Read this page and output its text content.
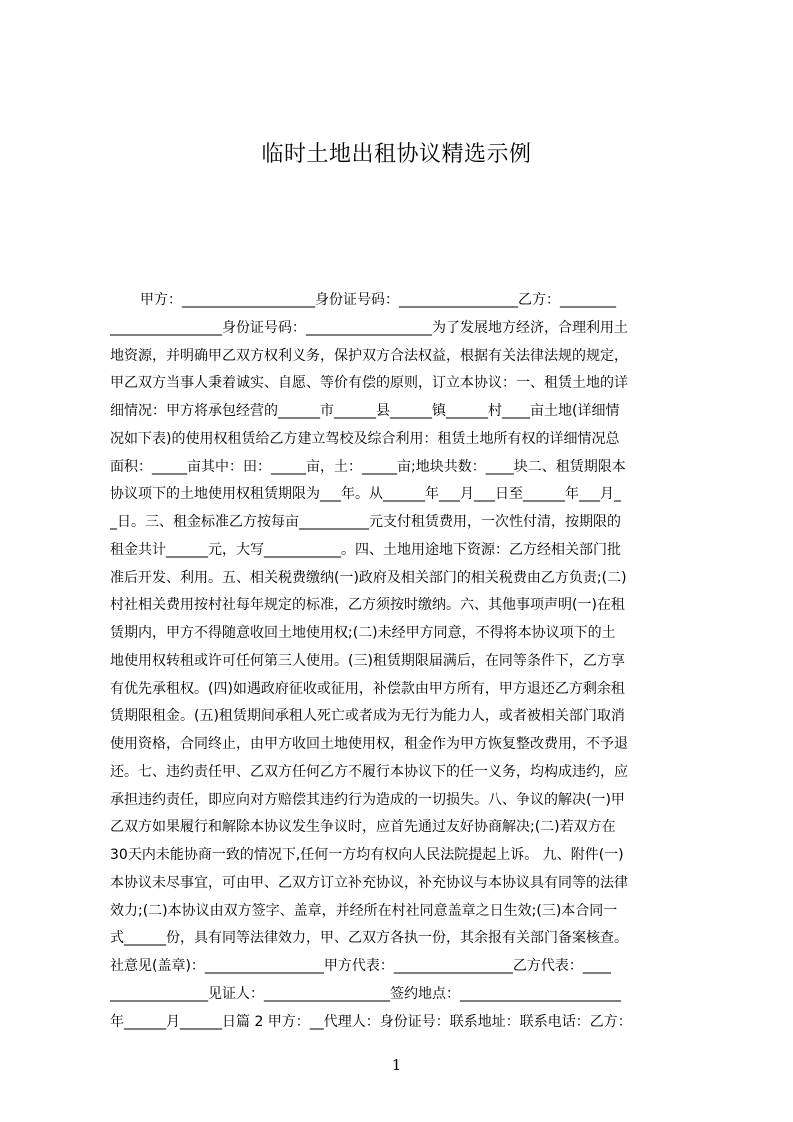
临时土地出租协议精选示例
甲方：___________________身份证号码：_________________乙方：________
________________身份证号码：__________________为了发展地方经济，合理利用土
地资源，并明确甲乙双方权利义务，保护双方合法权益，根据有关法律法规的规定，
甲乙双方当事人秉着诚实、自愿、等价有偿的原则，订立本协议：一、租赁土地的详
细情况：甲方将承包经营的______市______县______镇______村____亩土地(详细情
况如下表)的使用权租赁给乙方建立驾校及综合利用：租赁土地所有权的详细情况总
面积：_____亩其中：田：_____亩，土：_____亩;地块共数：____块二、租赁期限本
协议项下的土地使用权租赁期限为___年。从______年___月___日至______年___月_
_日。三、租金标准乙方按每亩__________元支付租赁费用，一次性付清，按期限的
租金共计______元，大写___________。四、土地用途地下资源：乙方经相关部门批
准后开发、利用。五、相关税费缴纳(一)政府及相关部门的相关税费由乙方负责;(二)
村社相关费用按村社每年规定的标准，乙方须按时缴纳。六、其他事项声明(一)在租
赁期内，甲方不得随意收回土地使用权;(二)未经甲方同意，不得将本协议项下的土
地使用权转租或许可任何第三人使用。(三)租赁期限届满后，在同等条件下，乙方享
有优先承租权。(四)如遇政府征收或征用，补偿款由甲方所有，甲方退还乙方剩余租
赁期限租金。(五)租赁期间承租人死亡或者成为无行为能力人，或者被相关部门取消
使用资格，合同终止，由甲方收回土地使用权，租金作为甲方恢复整改费用，不予退
还。七、违约责任甲、乙双方任何乙方不履行本协议下的任一义务，均构成违约，应
承担违约责任，即应向对方赔偿其违约行为造成的一切损失。八、争议的解决(一)甲
乙双方如果履行和解除本协议发生争议时，应首先通过友好协商解决;(二)若双方在
30天内未能协商一致的情况下,任何一方均有权向人民法院提起上诉。 九、附件(一)
本协议未尽事宜，可由甲、乙双方订立补充协议，补充协议与本协议具有同等的法律
效力;(二)本协议由双方签字、盖章，并经所在村社同意盖章之日生效;(三)本合同一
式______份，具有同等法律效力，甲、乙双方各执一份，其余报有关部门备案核查。
社意见(盖章)：_________________甲方代表：_________________乙方代表：____
______________见证人：__________________签约地点：_______________________
年______月______日篇 2 甲方：__代理人：身份证号：联系地址：联系电话：乙方：
1
